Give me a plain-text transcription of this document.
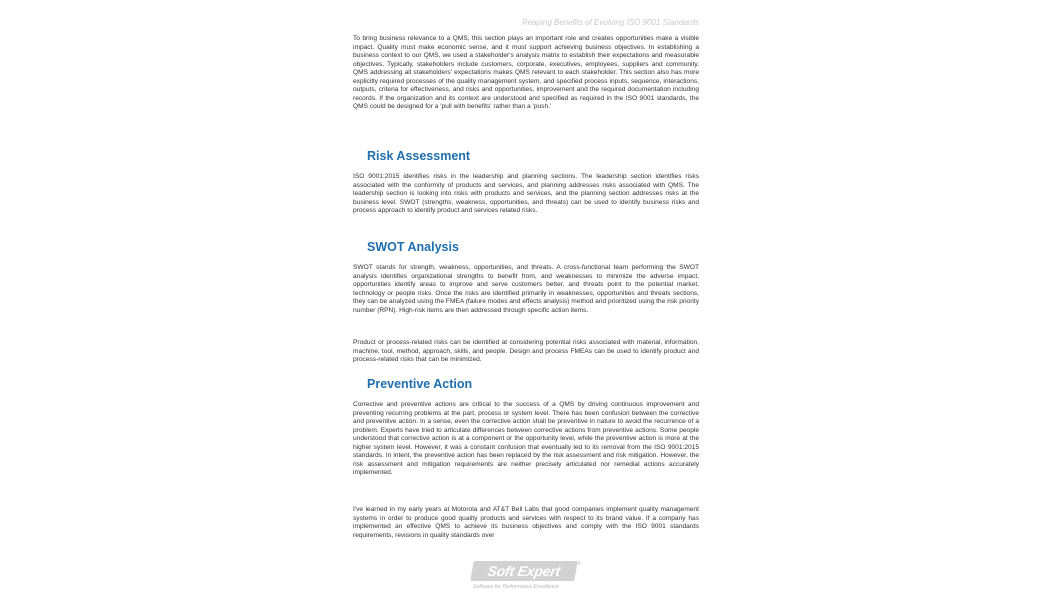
Reaping Benefits of Evolving ISO 9001 Standards

To bring business relevance to a QMS, this section plays an important role and creates opportunities make a visible impact. Quality must make economic sense, and it must support achieving business objectives. In establishing a business context to our QMS, we used a stakeholder's analysis matrix to establish their expectations and measurable objectives. Typically, stakeholders include customers, corporate, executives, employees, suppliers and community. QMS addressing all stakeholders' expectations makes QMS relevant to each stakeholder. This section also has more explicitly required processes of the quality management system, and specified process inputs, sequence, interactions, outputs, criteria for effectiveness, and risks and opportunities, improvement and the required documentation including records. If the organization and its context are understood and specified as required in the ISO 9001 standards, the QMS could be designed for a 'pull with benefits' rather than a 'push.'

Risk Assessment

ISO 9001:2015 identifies risks in the leadership and planning sections. The leadership section identifies risks associated with the conformity of products and services, and planning addresses risks associated with QMS. The leadership section is looking into risks with products and services, and the planning section addresses risks at the business level. SWOT (strengths, weakness, opportunities, and threats) can be used to identify business risks and process approach to identify product and services related risks.

SWOT Analysis

SWOT stands for strength, weakness, opportunities, and threats. A cross-functional team performing the SWOT analysis identifies organizational strengths to benefit from, and weaknesses to minimize the adverse impact, opportunities identify areas to improve and serve customers better, and threats point to the potential market, technology or people risks. Once the risks are identified primarily in weaknesses, opportunities and threats sections, they can be analyzed using the FMEA (failure modes and effects analysis) method and prioritized using the risk priority number (RPN). High-risk items are then addressed through specific action items.

Product or process-related risks can be identified at considering potential risks associated with material, information, machine, tool, method, approach, skills, and people. Design and process FMEAs can be used to identify product and process-related risks that can be minimized.

Preventive Action

Corrective and preventive actions are critical to the success of a QMS by driving continuous improvement and preventing recurring problems at the part, process or system level. There has been confusion between the corrective and preventive action. In a sense, even the corrective action shall be preventive in nature to avoid the recurrence of a problem. Experts have tried to articulate differences between corrective actions from preventive actions. Some people understood that corrective action is at a component or the opportunity level, while the preventive action is more at the higher system level. However, it was a constant confusion that eventually led to its removal from the ISO 9001:2015 standards. In intent, the preventive action has been replaced by the risk assessment and risk mitigation. However, the risk assessment and mitigation requirements are neither precisely articulated nor remedial actions accurately implemented.

I've learned in my early years at Motorola and AT&T Bell Labs that good companies implement quality management systems in order to produce good quality products and services with respect to its brand value. If a company has implemented an effective QMS to achieve its business objectives and comply with the ISO 9001 standards requirements, revisions in quality standards over

Soft Expert	®
Software for Performance Excellence
